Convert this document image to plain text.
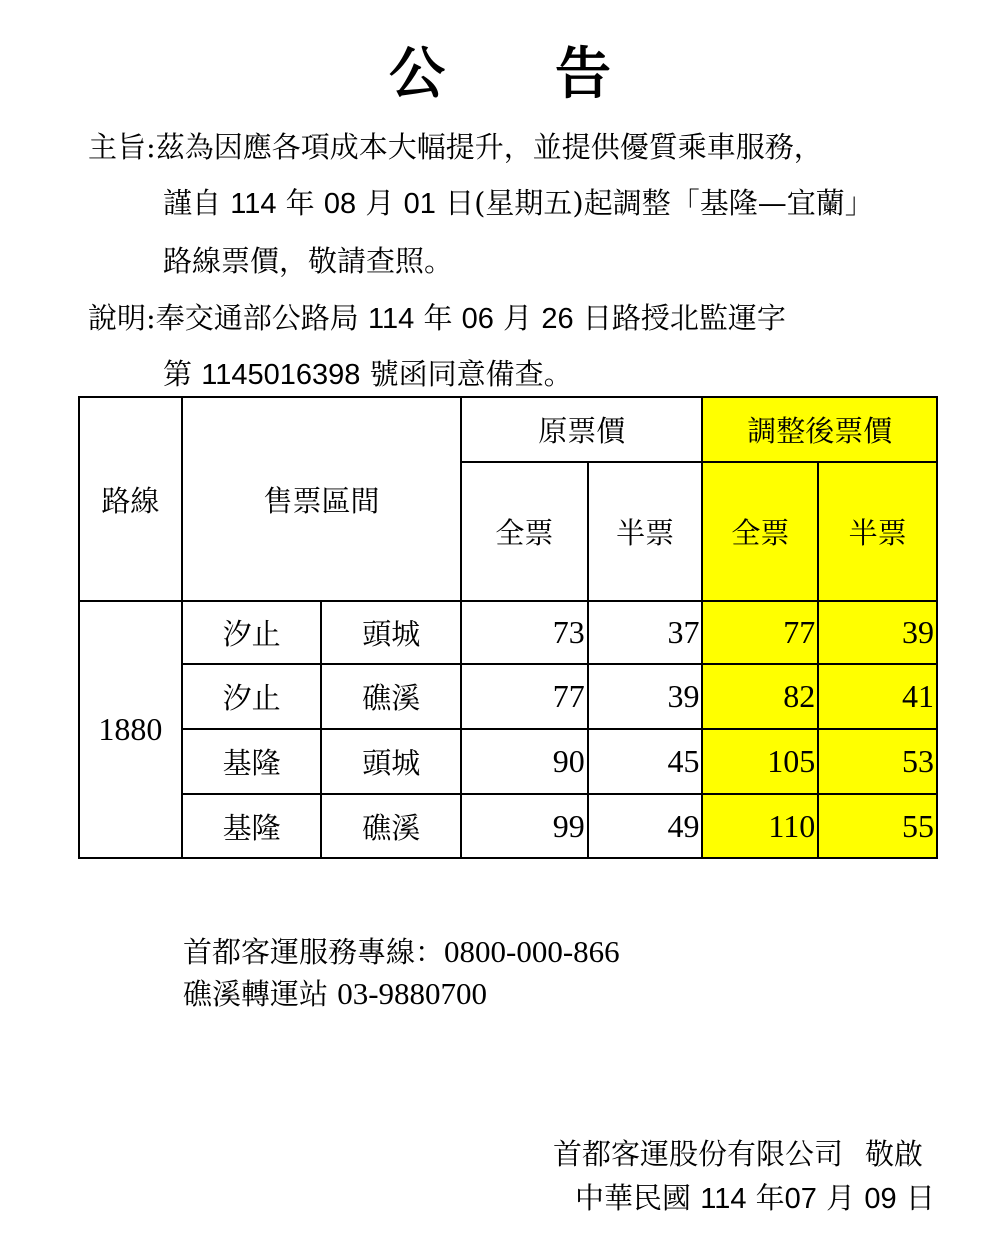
公 告
主旨:茲為因應各項成本大幅提升，並提供優質乘車服務，
謹自 114 年 08 月 01 日(星期五)起調整「基隆—宜蘭」
路線票價，敬請查照。
說明:奉交通部公路局 114 年 06 月 26 日路授北監運字
第 1145016398 號函同意備查。
路線	售票區間		原票價		調整後票價	
			全票	半票	全票	半票
1880	汐止	頭城	73	37	77	39
	汐止	礁溪	77	39	82	41
	基隆	頭城	90	45	105	53
	基隆	礁溪	99	49	110	55
首都客運服務專線：0800-000-866
礁溪轉運站 03-9880700
首都客運股份有限公司 敬啟
中華民國 114 年07 月 09 日
